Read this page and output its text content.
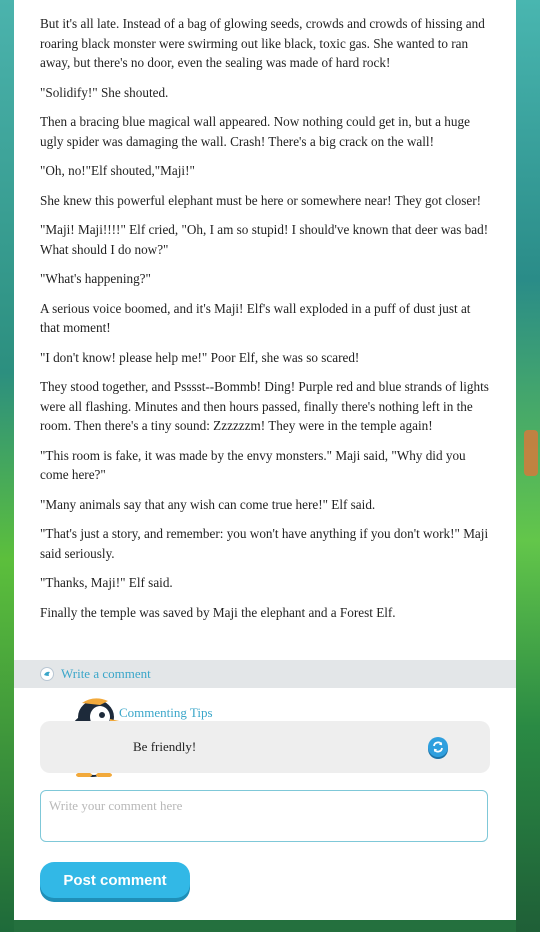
But it's all late. Instead of a bag of glowing seeds, crowds and crowds of hissing and roaring black monster were swirming out like black, toxic gas. She wanted to ran away, but there's no door, even the sealing was made of hard rock!

"Solidify!" She shouted.

Then a bracing blue magical wall appeared. Now nothing could get in, but a huge ugly spider was damaging the wall. Crash! There's a big crack on the wall!

"Oh, no!"Elf shouted,"Maji!"

She knew this powerful elephant must be here or somewhere near! They got closer!

"Maji! Maji!!!!" Elf cried, "Oh, I am so stupid! I should've known that deer was bad! What should I do now?"

"What's happening?"

A serious voice boomed, and it's Maji! Elf's wall exploded in a puff of dust just at that moment!

"I don't know! please help me!" Poor Elf, she was so scared!

They stood together, and Psssst--Bommb! Ding! Purple red and blue strands of lights were all flashing. Minutes and then hours passed, finally there's nothing left in the room. Then there's a tiny sound: Zzzzzzm! They were in the temple again!

"This room is fake, it was made by the envy monsters." Maji said, "Why did you come here?"

"Many animals say that any wish can come true here!" Elf said.

"That's just a story, and remember: you won't have anything if you don't work!" Maji said seriously.

"Thanks, Maji!" Elf said.

Finally the temple was saved by Maji the elephant and a Forest Elf.

Write a comment
Commenting Tips
Be friendly!
Write your comment here
Post comment
